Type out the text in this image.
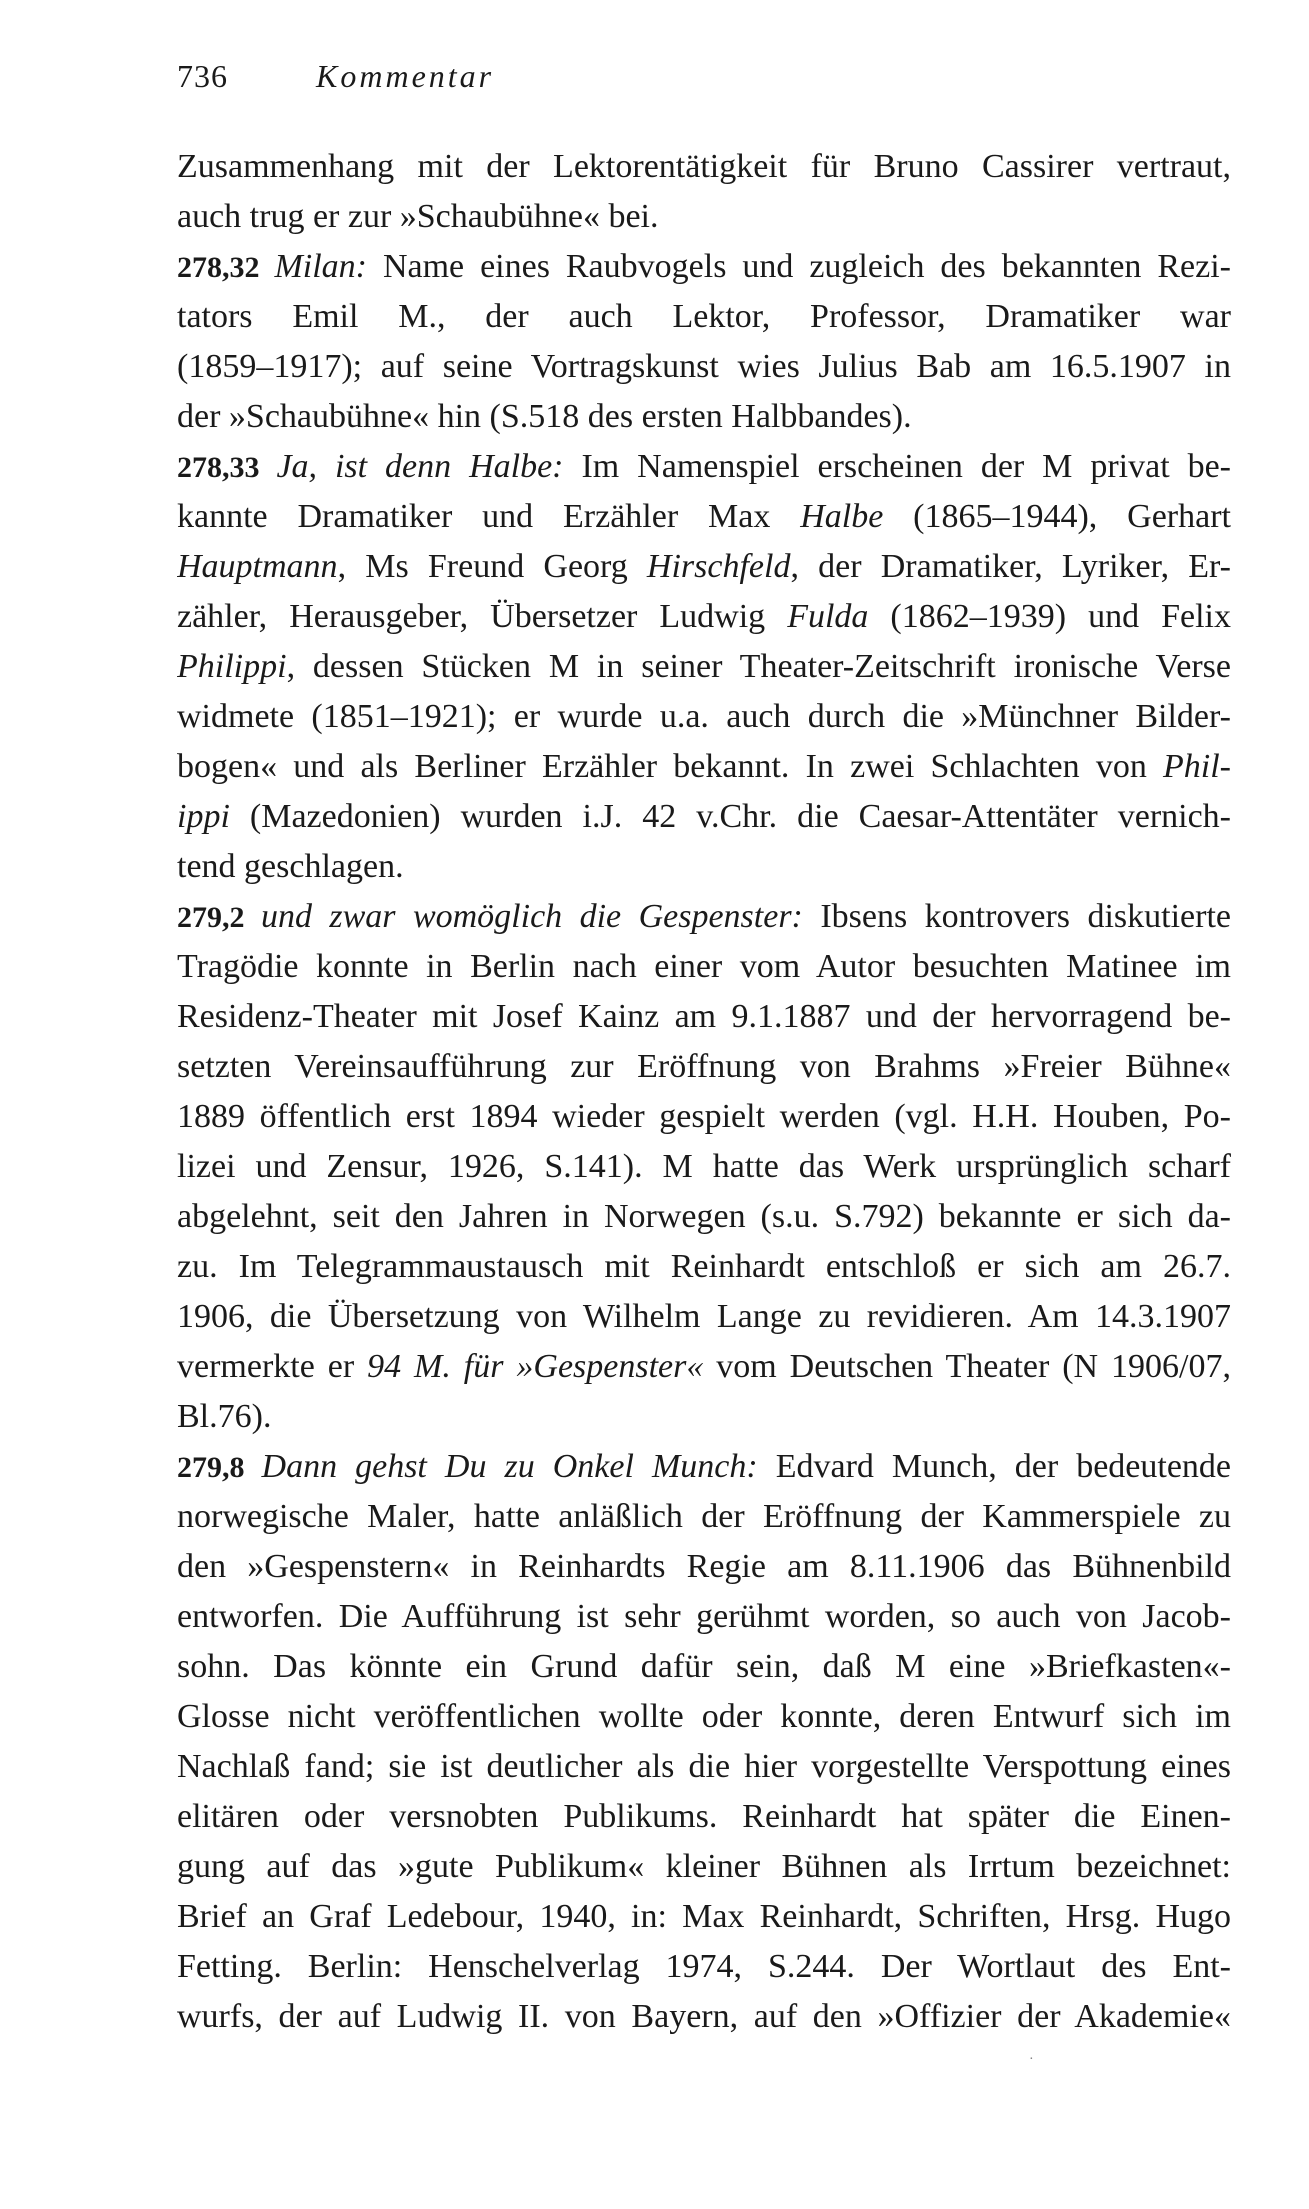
736	Kommentar
Zusammenhang mit der Lektorentätigkeit für Bruno Cassirer vertraut,
auch trug er zur »Schaubühne« bei.
278,32 Milan: Name eines Raubvogels und zugleich des bekannten Rezi-
tators Emil M., der auch Lektor, Professor, Dramatiker war
(1859–1917); auf seine Vortragskunst wies Julius Bab am 16.5.1907 in
der »Schaubühne« hin (S.518 des ersten Halbbandes).
278,33 Ja, ist denn Halbe: Im Namenspiel erscheinen der M privat be-
kannte Dramatiker und Erzähler Max Halbe (1865–1944), Gerhart
Hauptmann, Ms Freund Georg Hirschfeld, der Dramatiker, Lyriker, Er-
zähler, Herausgeber, Übersetzer Ludwig Fulda (1862–1939) und Felix
Philippi, dessen Stücken M in seiner Theater-Zeitschrift ironische Verse
widmete (1851–1921); er wurde u.a. auch durch die »Münchner Bilder-
bogen« und als Berliner Erzähler bekannt. In zwei Schlachten von Phil-
ippi (Mazedonien) wurden i.J. 42 v.Chr. die Caesar-Attentäter vernich-
tend geschlagen.
279,2 und zwar womöglich die Gespenster: Ibsens kontrovers diskutierte
Tragödie konnte in Berlin nach einer vom Autor besuchten Matinee im
Residenz-Theater mit Josef Kainz am 9.1.1887 und der hervorragend be-
setzten Vereinsaufführung zur Eröffnung von Brahms »Freier Bühne«
1889 öffentlich erst 1894 wieder gespielt werden (vgl. H.H. Houben, Po-
lizei und Zensur, 1926, S.141). M hatte das Werk ursprünglich scharf
abgelehnt, seit den Jahren in Norwegen (s.u. S.792) bekannte er sich da-
zu. Im Telegrammaustausch mit Reinhardt entschloß er sich am 26.7.
1906, die Übersetzung von Wilhelm Lange zu revidieren. Am 14.3.1907
vermerkte er 94 M. für »Gespenster« vom Deutschen Theater (N 1906/07,
Bl.76).
279,8 Dann gehst Du zu Onkel Munch: Edvard Munch, der bedeutende
norwegische Maler, hatte anläßlich der Eröffnung der Kammerspiele zu
den »Gespenstern« in Reinhardts Regie am 8.11.1906 das Bühnenbild
entworfen. Die Aufführung ist sehr gerühmt worden, so auch von Jacob-
sohn. Das könnte ein Grund dafür sein, daß M eine »Briefkasten«-
Glosse nicht veröffentlichen wollte oder konnte, deren Entwurf sich im
Nachlaß fand; sie ist deutlicher als die hier vorgestellte Verspottung eines
elitären oder versnobten Publikums. Reinhardt hat später die Einen-
gung auf das »gute Publikum« kleiner Bühnen als Irrtum bezeichnet:
Brief an Graf Ledebour, 1940, in: Max Reinhardt, Schriften, Hrsg. Hugo
Fetting. Berlin: Henschelverlag 1974, S.244. Der Wortlaut des Ent-
wurfs, der auf Ludwig II. von Bayern, auf den »Offizier der Akademie«
·
